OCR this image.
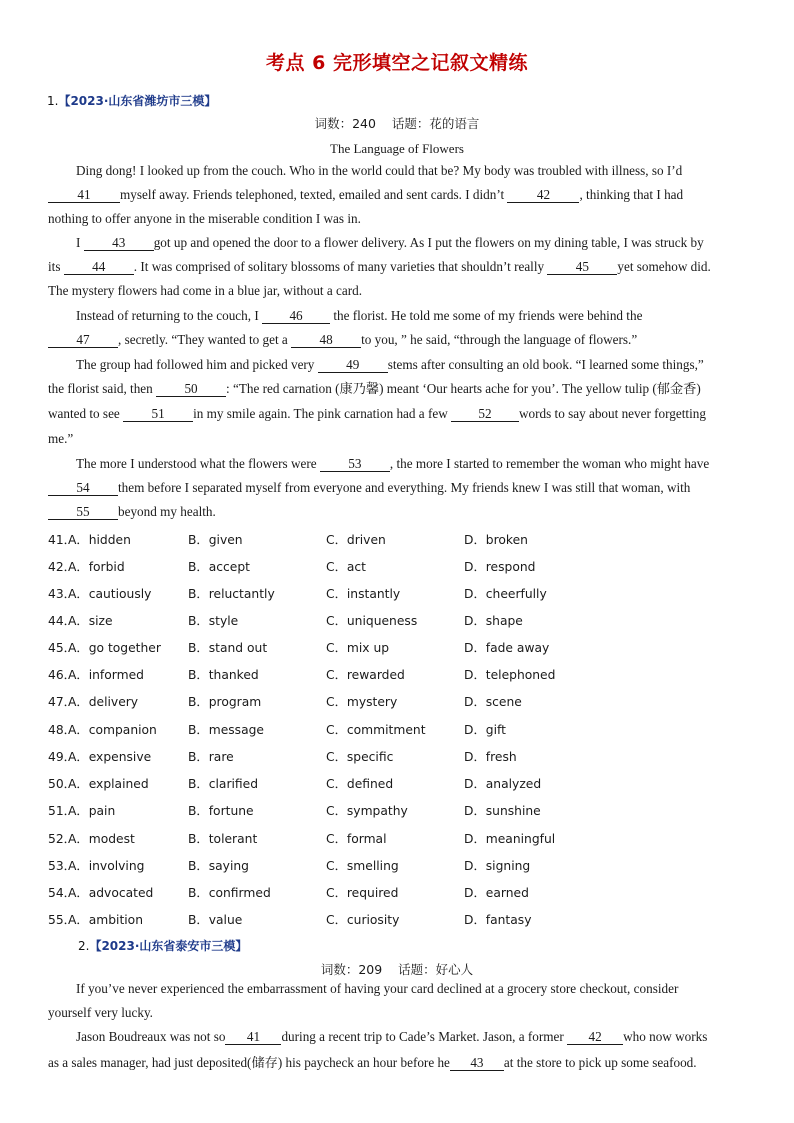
考点 6 完形填空之记叙文精练
1.【2023·山东省潍坊市三模】
词数：240 话题：花的语言
The Language of Flowers
Ding dong! I looked up from the couch. Who in the world could that be? My body was troubled with illness, so I’d
41 myself away. Friends telephoned, texted, emailed and sent cards. I didn’t 42 , thinking that I had
nothing to offer anyone in the miserable condition I was in.
I 43 got up and opened the door to a flower delivery. As I put the flowers on my dining table, I was struck by
its 44 . It was comprised of solitary blossoms of many varieties that shouldn’t really 45 yet somehow did.
The mystery flowers had come in a blue jar, without a card.
Instead of returning to the couch, I 46 the florist. He told me some of my friends were behind the
47 , secretly. “They wanted to get a 48 to you, ” he said, “through the language of flowers.”
The group had followed him and picked very 49 stems after consulting an old book. “I learned some things,”
the florist said, then 50 : “The red carnation (康乃馨) meant ‘Our hearts ache for you’. The yellow tulip (郁金香)
wanted to see 51 in my smile again. The pink carnation had a few 52 words to say about never forgetting
me.”
The more I understood what the flowers were 53 , the more I started to remember the woman who might have
54 them before I separated myself from everyone and everything. My friends knew I was still that woman, with
55 beyond my health.
41．
A．hidden	B．given	C．driven	D．broken
42．
A．forbid	B．accept	C．act	D．respond
43．
A．cautiously	B．reluctantly	C．instantly	D．cheerfully
44．
A．size	B．style	C．uniqueness	D．shape
45．
A．go together B．stand out	C．mix up	D．fade away
46．
A．informed	B．thanked	C．rewarded	D．telephoned
47．
A．delivery	B．program	C．mystery	D．scene
48．
A．companion	B．message	C．commitment	D．gift
49．
A．expensive	B．rare	C．specific	D．fresh
50．
A．explained	B．clarified	C．defined	D．analyzed
51．
A．pain	B．fortune	C．sympathy	D．sunshine
52．
A．modest	B．tolerant	C．formal	D．meaningful
53．
A．involving	B．saying	C．smelling	D．signing
54．
A．advocated	B．confirmed	C．required	D．earned
55．
A．ambition	B．value	C．curiosity	D．fantasy
2.【2023·山东省泰安市三模】
词数：209 话题：好心人
If you’ve never experienced the embarrassment of having your card declined at a grocery store checkout, consider
yourself very lucky.
Jason Boudreaux was not so 41 during a recent trip to Cade’s Market. Jason, a former 42 who now works
as a sales manager, had just deposited(储存) his paycheck an hour before he 43 at the store to pick up some seafood.
